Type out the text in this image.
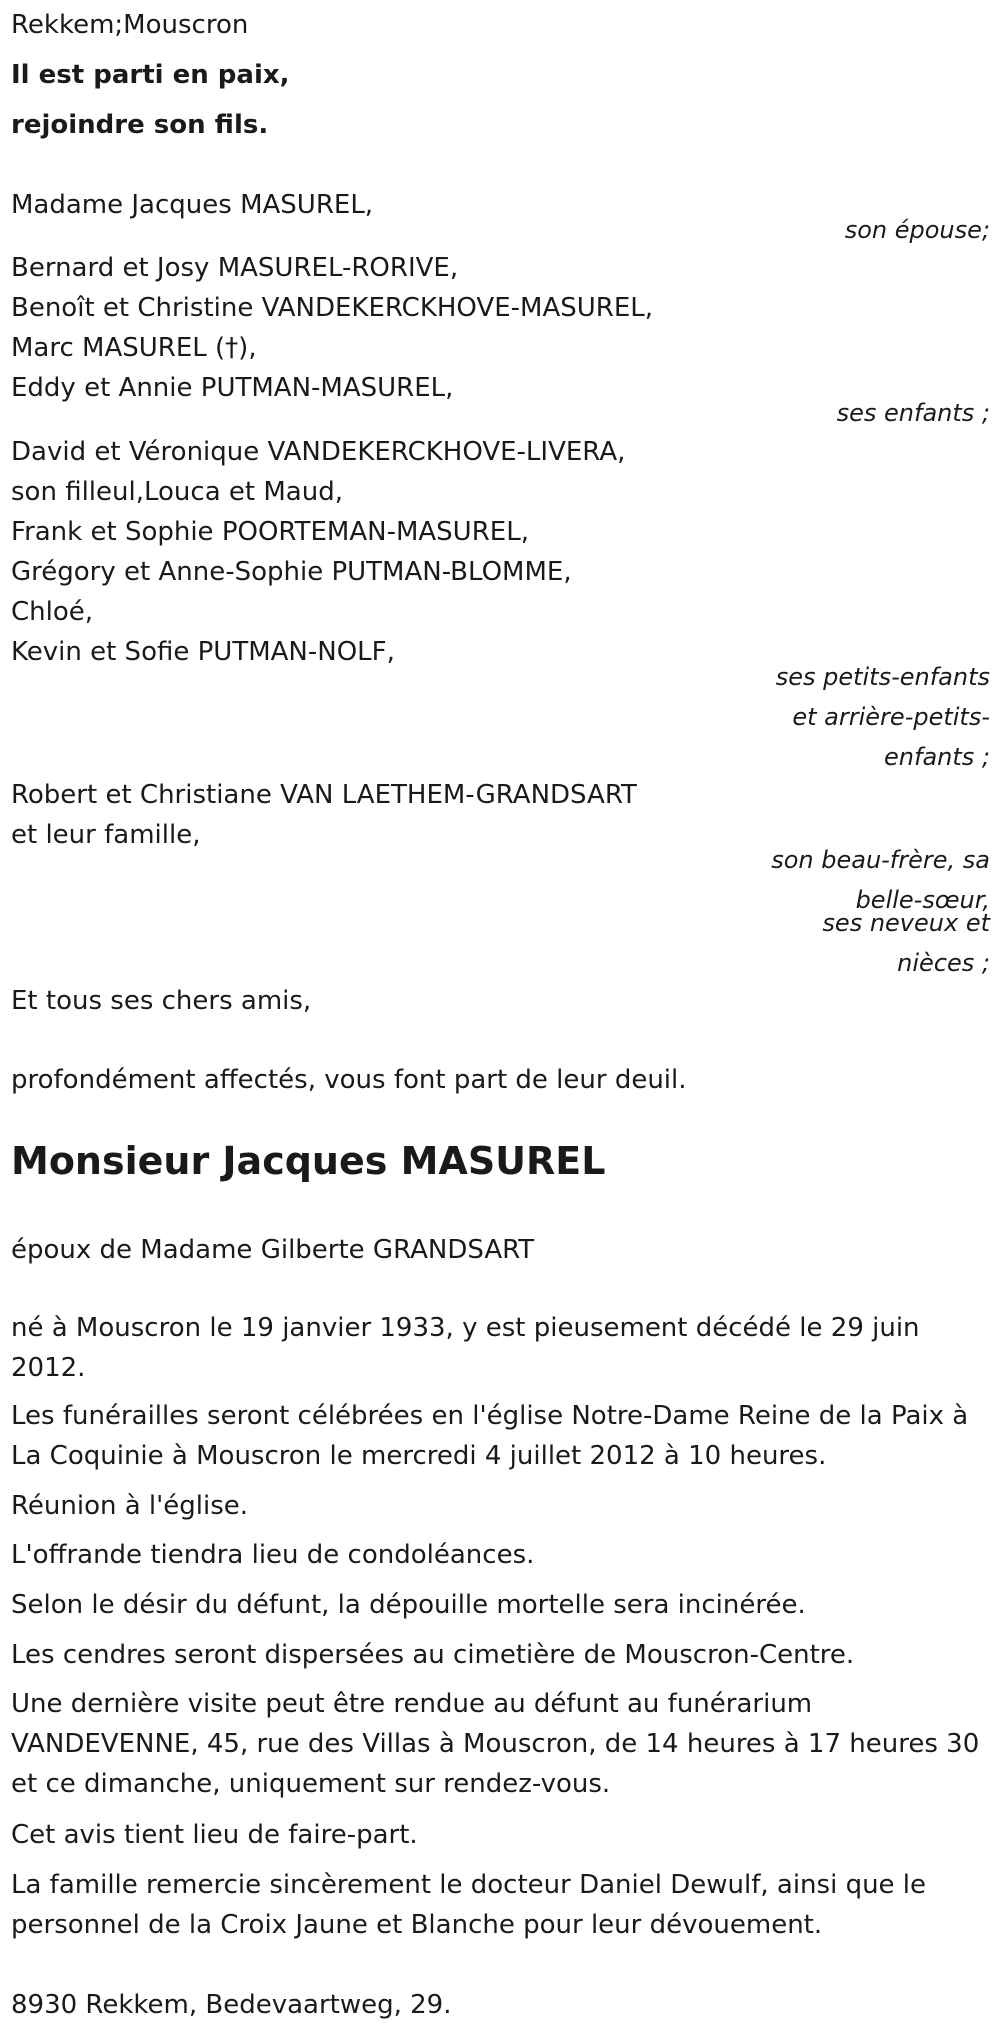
Rekkem;Mouscron
Il est parti en paix,
rejoindre son fils.
Madame Jacques MASUREL,
son épouse;
Bernard et Josy MASUREL-RORIVE,
Benoît et Christine VANDEKERCKHOVE-MASUREL,
Marc MASUREL (†),
Eddy et Annie PUTMAN-MASUREL,
ses enfants ;
David et Véronique VANDEKERCKHOVE-LIVERA,
son filleul,Louca et Maud,
Frank et Sophie POORTEMAN-MASUREL,
Grégory et Anne-Sophie PUTMAN-BLOMME,
Chloé,
Kevin et Sofie PUTMAN-NOLF,
ses petits-enfants
et arrière-petits-
enfants ;
Robert et Christiane VAN LAETHEM-GRANDSART
et leur famille,
son beau-frère, sa
belle-sœur,
ses neveux et
nièces ;
Et tous ses chers amis,
profondément affectés, vous font part de leur deuil.
Monsieur Jacques MASUREL
époux de Madame Gilberte GRANDSART
né à Mouscron le 19 janvier 1933, y est pieusement décédé le 29 juin 2012.
Les funérailles seront célébrées en l'église Notre-Dame Reine de la Paix à La Coquinie à Mouscron le mercredi 4 juillet 2012 à 10 heures.
Réunion à l'église.
L'offrande tiendra lieu de condoléances.
Selon le désir du défunt, la dépouille mortelle sera incinérée.
Les cendres seront dispersées au cimetière de Mouscron-Centre.
Une dernière visite peut être rendue au défunt au funérarium VANDEVENNE, 45, rue des Villas à Mouscron, de 14 heures à 17 heures 30 et ce dimanche, uniquement sur rendez-vous.
Cet avis tient lieu de faire-part.
La famille remercie sincèrement le docteur Daniel Dewulf, ainsi que le personnel de la Croix Jaune et Blanche pour leur dévouement.
8930 Rekkem, Bedevaartweg, 29.
